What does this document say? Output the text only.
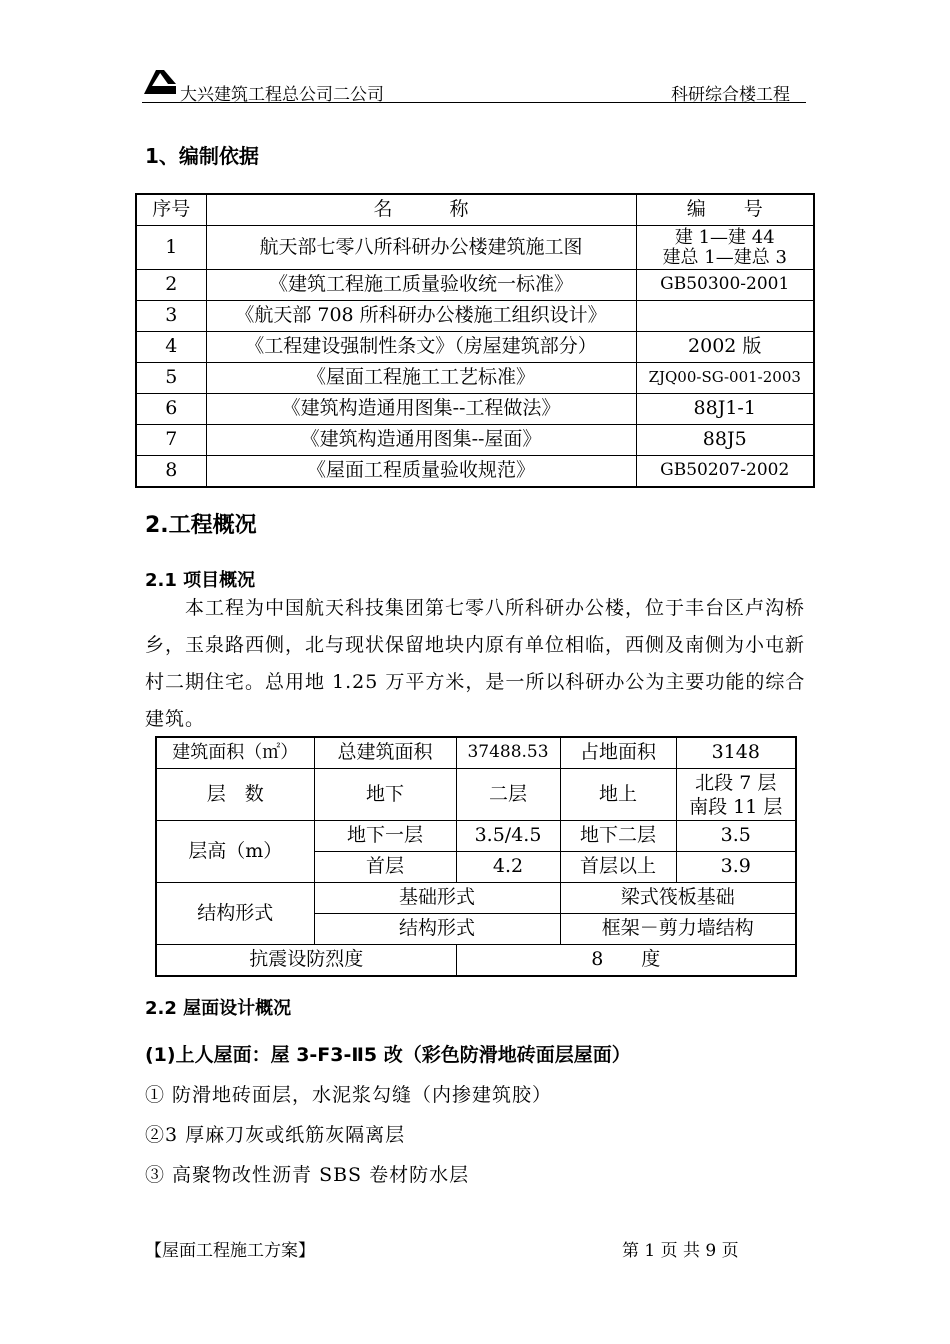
大兴建筑工程总公司二公司	科研综合楼工程
1、编制依据
序号	名　　　称	编　　号
1	航天部七零八所科研办公楼建筑施工图	建 1—建 44
建总 1—建总 3
2	《建筑工程施工质量验收统一标准》	GB50300-2001
3	《航天部 708 所科研办公楼施工组织设计》	
4	《工程建设强制性条文》（房屋建筑部分）	2002 版
5	《屋面工程施工工艺标准》	ZJQ00-SG-001-2003
6	《建筑构造通用图集--工程做法》	88J1-1
7	《建筑构造通用图集--屋面》	88J5
8	《屋面工程质量验收规范》	GB50207-2002
2.工程概况
2.1 项目概况
本工程为中国航天科技集团第七零八所科研办公楼，位于丰台区卢沟桥乡，玉泉路西侧，北与现状保留地块内原有单位相临，西侧及南侧为小屯新村二期住宅。总用地 1.25 万平方米，是一所以科研办公为主要功能的综合建筑。
建筑面积（㎡）	总建筑面积	37488.53	占地面积	3148
层　数	地下	二层	地上	北段 7 层
南段 11 层
层高（m）	地下一层	3.5/4.5	地下二层	3.5
	首层	4.2	首层以上	3.9
结构形式	基础形式		梁式筏板基础	
	结构形式		框架－剪力墙结构	
抗震设防烈度		8　　度		
2.2 屋面设计概况
(1)上人屋面：屋 3-F3-Ⅱ5 改（彩色防滑地砖面层屋面）
① 防滑地砖面层，水泥浆勾缝（内掺建筑胶）
②3 厚麻刀灰或纸筋灰隔离层
③ 高聚物改性沥青 SBS 卷材防水层
【屋面工程施工方案】	第 1 页 共 9 页
